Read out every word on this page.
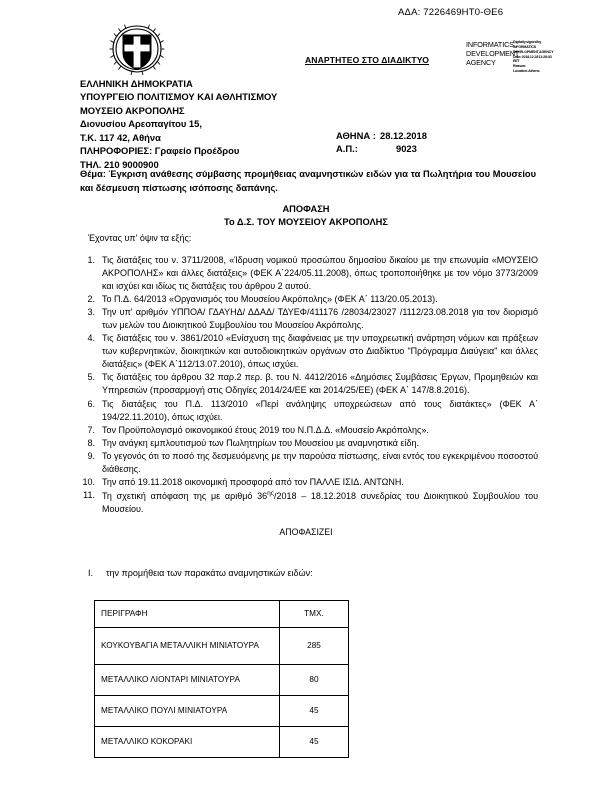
ΑΔΑ: 7226469ΗΤ0-ΘΕ6
ΑΝΑΡΤΗΤΕΟ ΣΤΟ ΔΙΑΔΙΚΤΥΟ
INFORMATICS DEVELOPMENT AGENCY
Digitally signed by
INFORMATICS
DEVELOPMENT AGENCY
Date: 2018.12.28 11:28:33
EET
Reason:
Location: Athens
ΕΛΛΗΝΙΚΗ ΔΗΜΟΚΡΑΤΙΑ
ΥΠΟΥΡΓΕΙΟ ΠΟΛΙΤΙΣΜΟΥ ΚΑΙ ΑΘΛΗΤΙΣΜΟΥ
ΜΟΥΣΕΙΟ ΑΚΡΟΠΟΛΗΣ
Διονυσίου Αρεοπαγίτου 15,
Τ.Κ. 117 42, Αθήνα
ΠΛΗΡΟΦΟΡΙΕΣ: Γραφείο Προέδρου
ΤΗΛ. 210 9000900
ΑΘΗΝΑ : 28.12.2018
Α.Π.:	9023
Θέμα: Έγκριση ανάθεσης σύμβασης προμήθειας αναμνηστικών ειδών για τα Πωλητήρια του Μουσείου και δέσμευση πίστωσης ισόποσης δαπάνης.
ΑΠΟΦΑΣΗ
Το Δ.Σ. ΤΟΥ ΜΟΥΣΕΙΟΥ ΑΚΡΟΠΟΛΗΣ
Έχοντας υπ' όψιν τα εξής:
1. Τις διατάξεις του ν. 3711/2008, «Ίδρυση νομικού προσώπου δημοσίου δικαίου με την επωνυμία «ΜΟΥΣΕΙΟ ΑΚΡΟΠΟΛΗΣ» και άλλες διατάξεις» (ΦΕΚ Α΄224/05.11.2008), όπως τροποποιήθηκε με τον νόμο 3773/2009 και ισχύει και ιδίως τις διατάξεις του άρθρου 2 αυτού.
2. Το Π.Δ. 64/2013 «Οργανισμός του Μουσείου Ακρόπολης» (ΦΕΚ Α΄ 113/20.05.2013).
3. Την υπ' αριθμόν ΥΠΠΟΑ/ ΓΔΑΥΗΔ/ ΔΔΑΔ/ ΤΔΥΕΦ/411176 /28034/23027 /1112/23.08.2018 για τον διορισμό των μελών του Διοικητικού Συμβουλίου του Μουσείου Ακρόπολης.
4. Τις διατάξεις του ν. 3861/2010 «Ενίσχυση της διαφάνειας με την υποχρεωτική ανάρτηση νόμων και πράξεων των κυβερνητικών, διοικητικών και αυτοδιοικητικών οργάνων στο Διαδίκτυο "Πρόγραμμα Διαύγεια" και άλλες διατάξεις» (ΦΕΚ Α΄112/13.07.2010), όπως ισχύει.
5. Τις διατάξεις του άρθρου 32 παρ.2 περ. β. του Ν. 4412/2016 «Δημόσιες Συμβάσεις Έργων, Προμηθειών και Υπηρεσιών (προσαρμογή στις Οδηγίες 2014/24/ΕΕ και 2014/25/ΕΕ) (ΦΕΚ Α΄ 147/8.8.2016).
6. Τις διατάξεις του Π.Δ. 113/2010 «Περί ανάληψης υποχρεώσεων από τους διατάκτες» (ΦΕΚ Α΄ 194/22.11.2010), όπως ισχύει.
7. Τον Προϋπολογισμό οικονομικού έτους 2019 του Ν.Π.Δ.Δ. «Μουσείο Ακρόπολης».
8. Την ανάγκη εμπλουτισμού των Πωλητηρίων του Μουσείου με αναμνηστικά είδη.
9. Το γεγονός ότι το ποσό της δεσμευόμενης με την παρούσα πίστωσης, είναι εντός του εγκεκριμένου ποσοστού διάθεσης.
10. Την από 19.11.2018 οικονομική προσφορά από τον ΠΑΛΛΕ ΙΣΙΔ. ΑΝΤΩΝΗ.
11. Τη σχετική απόφαση της με αριθμό $36^{\eta\varsigma}/2018 - 18.12.2018$ συνεδρίας του Διοικητικού Συμβουλίου του Μουσείου.
ΑΠΟΦΑΣΙΖΕΙ
I.	την προμήθεια των παρακάτω αναμνηστικών ειδών:
ΠΕΡΙΓΡΑΦΗ	ΤΜΧ.
ΚΟΥΚΟΥΒΑΓΙΑ ΜΕΤΑΛΛΙΚΗ ΜΙΝΙΑΤΟΥΡΑ	285
ΜΕΤΑΛΛΙΚΟ ΛΙΟΝΤΑΡΙ ΜΙΝΙΑΤΟΥΡΑ	80
ΜΕΤΑΛΛΙΚΟ ΠΟΥΛΙ ΜΙΝΙΑΤΟΥΡΑ	45
ΜΕΤΑΛΛΙΚΟ ΚΟΚΟΡΑΚΙ	45
